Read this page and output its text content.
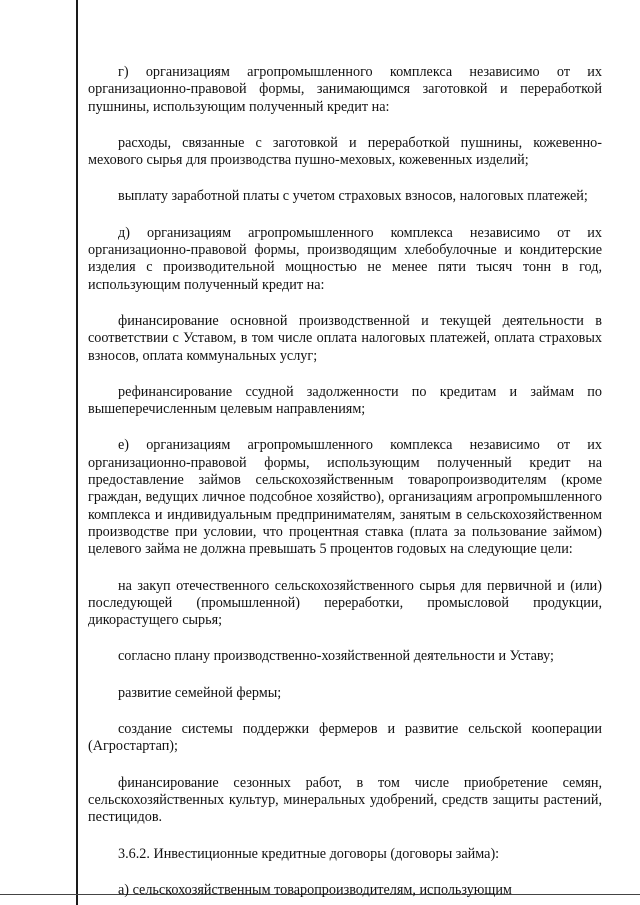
г) организациям агропромышленного комплекса независимо от их организационно-правовой формы, занимающимся заготовкой и переработкой пушнины, использующим полученный кредит на:

расходы, связанные с заготовкой и переработкой пушнины, кожевенно-мехового сырья для производства пушно-меховых, кожевенных изделий;

выплату заработной платы с учетом страховых взносов, налоговых платежей;

д) организациям агропромышленного комплекса независимо от их организационно-правовой формы, производящим хлебобулочные и кондитерские изделия с производительной мощностью не менее пяти тысяч тонн в год, использующим полученный кредит на:

финансирование основной производственной и текущей деятельности в соответствии с Уставом, в том числе оплата налоговых платежей, оплата страховых взносов, оплата коммунальных услуг;

рефинансирование ссудной задолженности по кредитам и займам по вышеперечисленным целевым направлениям;

е) организациям агропромышленного комплекса независимо от их организационно-правовой формы, использующим полученный кредит на предоставление займов сельскохозяйственным товаропроизводителям (кроме граждан, ведущих личное подсобное хозяйство), организациям агропромышленного комплекса и индивидуальным предпринимателям, занятым в сельскохозяйственном производстве при условии, что процентная ставка (плата за пользование займом) целевого займа не должна превышать 5 процентов годовых на следующие цели:

на закуп отечественного сельскохозяйственного сырья для первичной и (или) последующей (промышленной) переработки, промысловой продукции, дикорастущего сырья;

согласно плану производственно-хозяйственной деятельности и Уставу;

развитие семейной фермы;

создание системы поддержки фермеров и развитие сельской кооперации (Агростартап);

финансирование сезонных работ, в том числе приобретение семян, сельскохозяйственных культур, минеральных удобрений, средств защиты растений, пестицидов.

3.6.2. Инвестиционные кредитные договоры (договоры займа):

а) сельскохозяйственным товаропроизводителям, использующим
